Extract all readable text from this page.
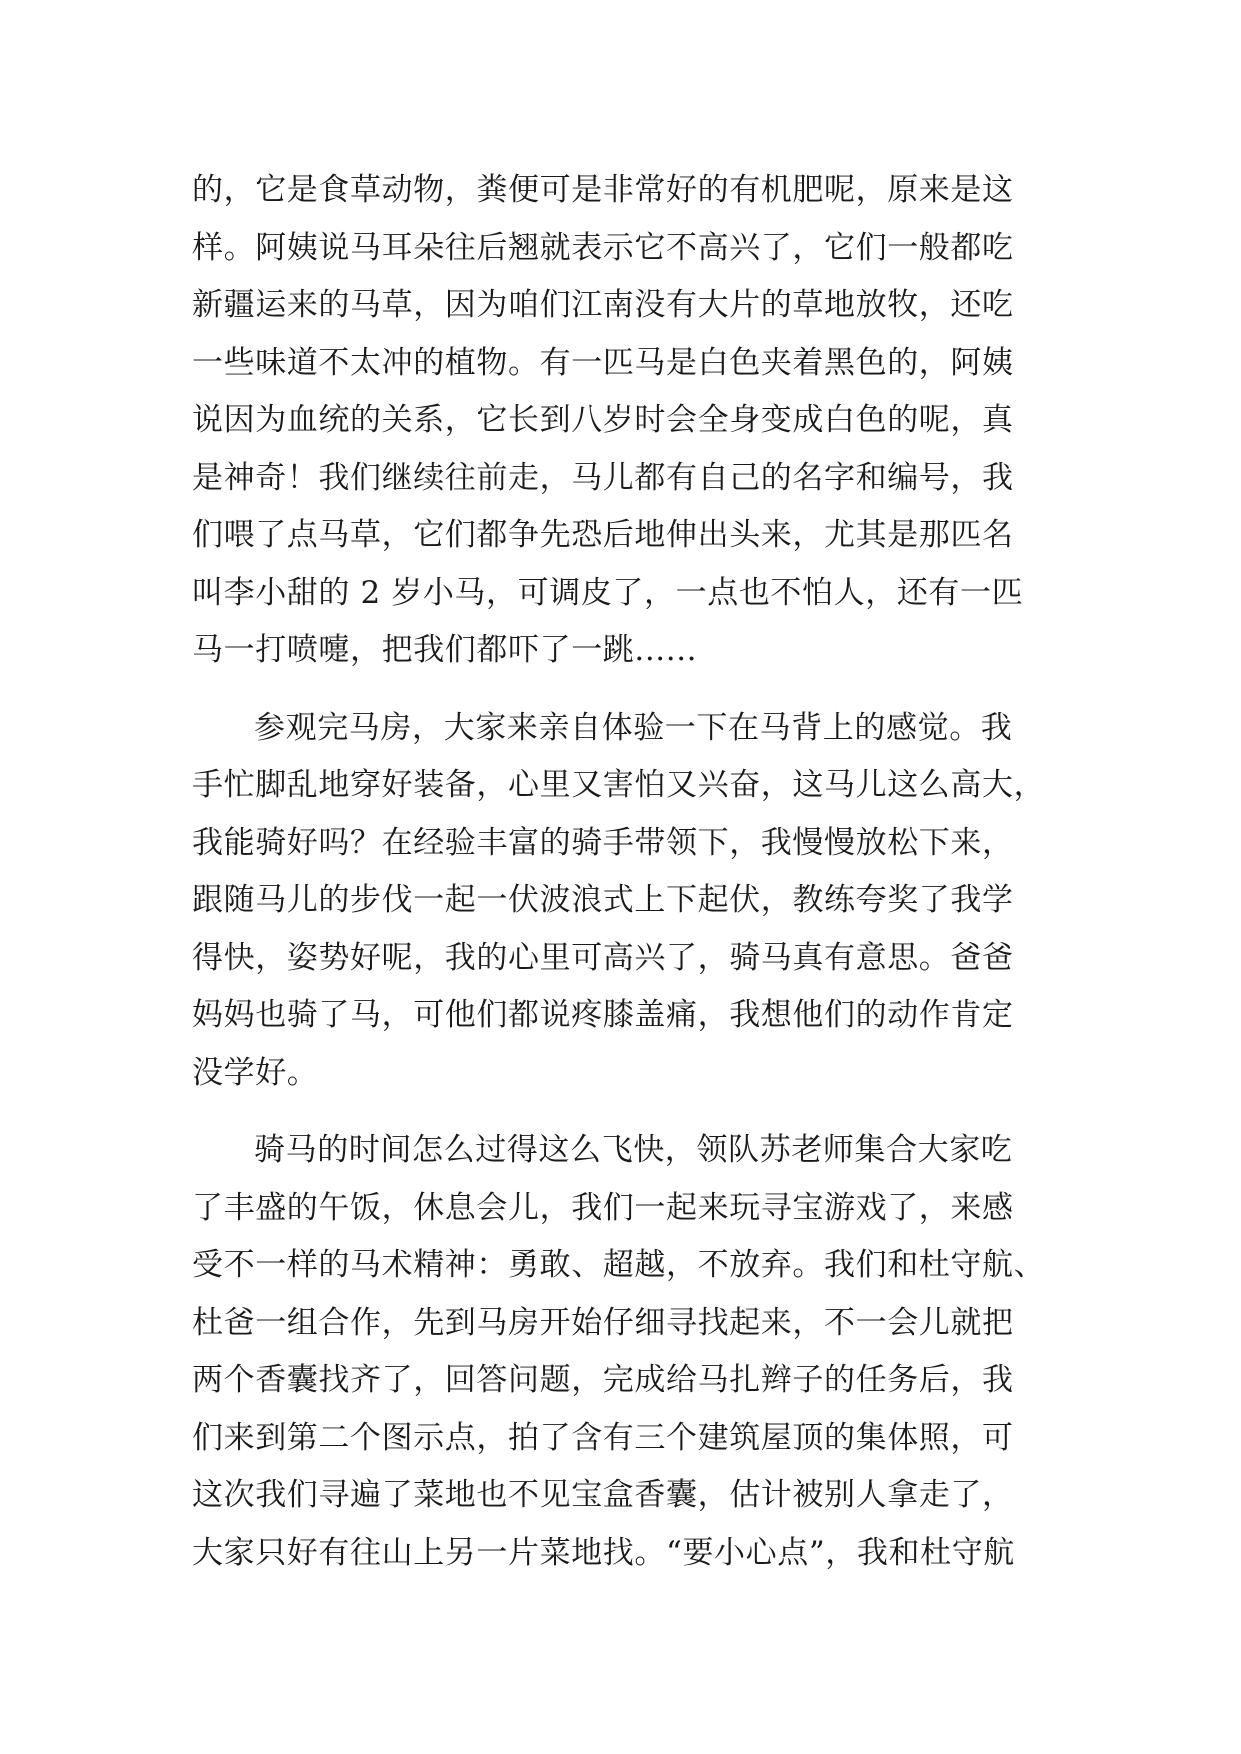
的，它是食草动物，粪便可是非常好的有机肥呢，原来是这
样。阿姨说马耳朵往后翘就表示它不高兴了，它们一般都吃
新疆运来的马草，因为咱们江南没有大片的草地放牧，还吃
一些味道不太冲的植物。有一匹马是白色夹着黑色的，阿姨
说因为血统的关系，它长到八岁时会全身变成白色的呢，真
是神奇！我们继续往前走，马儿都有自己的名字和编号，我
们喂了点马草，它们都争先恐后地伸出头来，尤其是那匹名
叫李小甜的 2 岁小马，可调皮了，一点也不怕人，还有一匹
马一打喷嚏，把我们都吓了一跳......
参观完马房，大家来亲自体验一下在马背上的感觉。我
手忙脚乱地穿好装备，心里又害怕又兴奋，这马儿这么高大，
我能骑好吗？在经验丰富的骑手带领下，我慢慢放松下来，
跟随马儿的步伐一起一伏波浪式上下起伏，教练夸奖了我学
得快，姿势好呢，我的心里可高兴了，骑马真有意思。爸爸
妈妈也骑了马，可他们都说疼膝盖痛，我想他们的动作肯定
没学好。
骑马的时间怎么过得这么飞快，领队苏老师集合大家吃
了丰盛的午饭，休息会儿，我们一起来玩寻宝游戏了，来感
受不一样的马术精神：勇敢、超越，不放弃。我们和杜守航、
杜爸一组合作，先到马房开始仔细寻找起来，不一会儿就把
两个香囊找齐了，回答问题，完成给马扎辫子的任务后，我
们来到第二个图示点，拍了含有三个建筑屋顶的集体照，可
这次我们寻遍了菜地也不见宝盒香囊，估计被别人拿走了，
大家只好有往山上另一片菜地找。“要小心点”，我和杜守航
